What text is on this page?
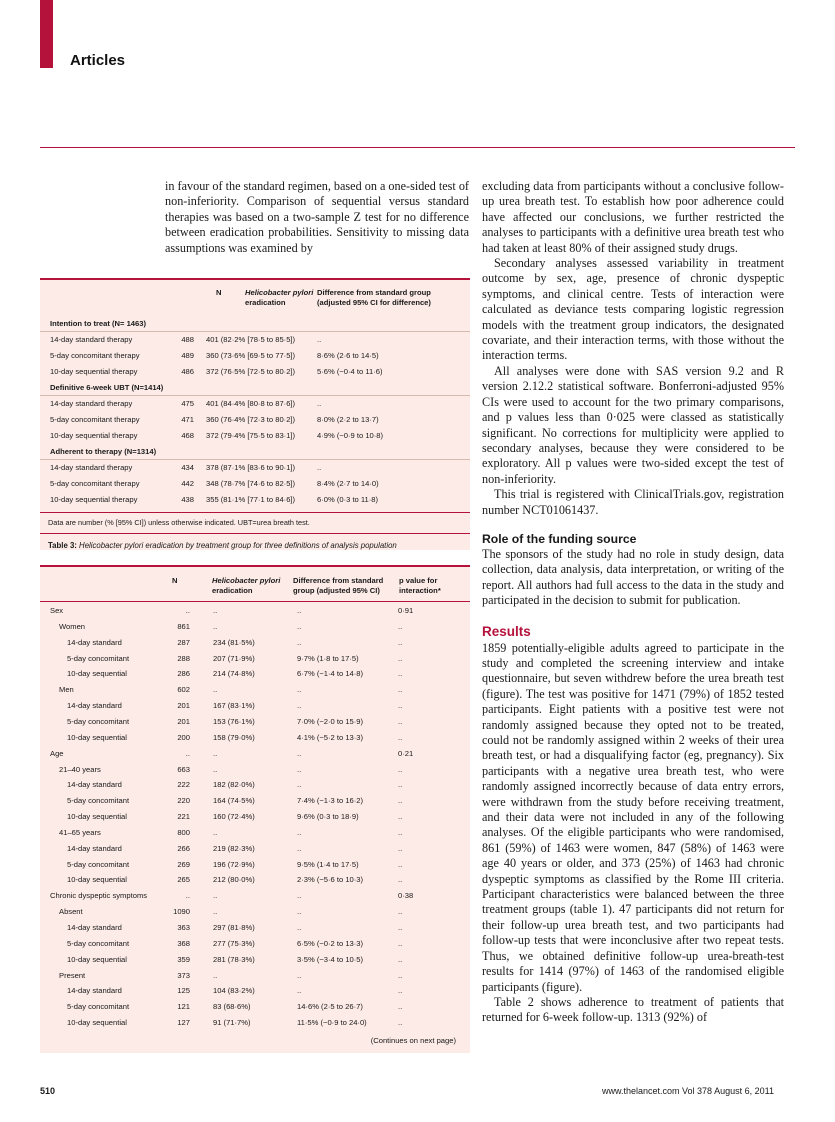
Articles
in favour of the standard regimen, based on a one-sided test of non-inferiority. Comparison of sequential versus standard therapies was based on a two-sample Z test for no difference between eradication probabilities. Sensitivity to missing data assumptions was examined by
N	Helicobacter pylori
eradication
Difference from standard group
(adjusted 95% CI for difference)
Intention to treat (N= 1463)
14-day standard therapy	488 401 (82·2% [78·5 to 85·5])	..
5-day concomitant therapy	489 360 (73·6% [69·5 to 77·5])	8·6% (2·6 to 14·5)
10-day sequential therapy	486 372 (76·5% [72·5 to 80·2])	5·6% (−0·4 to 11·6)
Definitive 6-week UBT (N=1414)
14-day standard therapy	475 401 (84·4% [80·8 to 87·6])	..
5-day concomitant therapy	471 360 (76·4% [72·3 to 80·2])	8·0% (2·2 to 13·7)
10-day sequential therapy	468 372 (79·4% [75·5 to 83·1])	4·9% (−0·9 to 10·8)
Adherent to therapy (N=1314)
14-day standard therapy	434 378 (87·1% [83·6 to 90·1])	..
5-day concomitant therapy	442 348 (78·7% [74·6 to 82·5])	8·4% (2·7 to 14·0)
10-day sequential therapy	438 355 (81·1% [77·1 to 84·6])	6·0% (0·3 to 11·8)
Data are number (% [95% CI]) unless otherwise indicated. UBT=urea breath test.
Table 3: Helicobacter pylori eradication by treatment group for three definitions of analysis population
N	Helicobacter pylori
eradication
Difference from standard
group (adjusted 95% CI)
p value for
interaction*
Sex	..	..	..	0·91
Women	861	..	..	..
14-day standard	287	234 (81·5%)	..	..
5-day concomitant	288	207 (71·9%)	9·7% (1·8 to 17·5)	..
10-day sequential	286	214 (74·8%)	6·7% (−1·4 to 14·8)	..
Men	602	..	..	..
14-day standard	201	167 (83·1%)	..	..
5-day concomitant	201	153 (76·1%)	7·0% (−2·0 to 15·9)	..
10-day sequential	200	158 (79·0%)	4·1% (−5·2 to 13·3)	..
Age	..	..	..	0·21
21–40 years	663	..	..	..
14-day standard	222	182 (82·0%)	..	..
5-day concomitant	220	164 (74·5%)	7·4% (−1·3 to 16·2)	..
10-day sequential	221	160 (72·4%)	9·6% (0·3 to 18·9)	..
41–65 years	800	..	..	..
14-day standard	266	219 (82·3%)	..	..
5-day concomitant	269	196 (72·9%)	9·5% (1·4 to 17·5)	..
10-day sequential	265	212 (80·0%)	2·3% (−5·6 to 10·3)	..
Chronic dyspeptic symptoms	..	..	..	0·38
Absent	1090	..	..	..
14-day standard	363	297 (81·8%)	..	..
5-day concomitant	368	277 (75·3%)	6·5% (−0·2 to 13·3)	..
10-day sequential	359	281 (78·3%)	3·5% (−3·4 to 10·5)	..
Present	373	..	..	..
14-day standard	125	104 (83·2%)	..	..
5-day concomitant	121	83 (68·6%)	14·6% (2·5 to 26·7)	..
10-day sequential	127	91 (71·7%)	11·5% (−0·9 to 24·0)	..
(Continues on next page)

excluding data from participants without a conclusive follow-up urea breath test. To establish how poor adherence could have affected our conclusions, we further restricted the analyses to participants with a definitive urea breath test who had taken at least 80% of their assigned study drugs.

Secondary analyses assessed variability in treatment outcome by sex, age, presence of chronic dyspeptic symptoms, and clinical centre. Tests of interaction were calculated as deviance tests comparing logistic regression models with the treatment group indicators, the designated covariate, and their interaction terms, with those without the interaction terms.

All analyses were done with SAS version 9.2 and R version 2.12.2 statistical software. Bonferroni-adjusted 95% CIs were used to account for the two primary comparisons, and p values less than 0·025 were classed as statistically significant. No corrections for multiplicity were applied to secondary analyses, because they were considered to be exploratory. All p values were two-sided except the test of non-inferiority.

This trial is registered with ClinicalTrials.gov, registration number NCT01061437.

Role of the funding source

The sponsors of the study had no role in study design, data collection, data analysis, data interpretation, or writing of the report. All authors had full access to the data in the study and participated in the decision to submit for publication.

Results

1859 potentially-eligible adults agreed to participate in the study and completed the screening interview and intake questionnaire, but seven withdrew before the urea breath test (figure). The test was positive for 1471 (79%) of 1852 tested participants. Eight patients with a positive test were not randomly assigned because they opted not to be treated, could not be randomly assigned within 2 weeks of their urea breath test, or had a disqualifying factor (eg, pregnancy). Six participants with a negative urea breath test, who were randomly assigned incorrectly because of data entry errors, were withdrawn from the study before receiving treatment, and their data were not included in any of the following analyses. Of the eligible participants who were randomised, 861 (59%) of 1463 were women, 847 (58%) of 1463 were age 40 years or older, and 373 (25%) of 1463 had chronic dyspeptic symptoms as classified by the Rome III criteria. Participant characteristics were balanced between the three treatment groups (table 1). 47 participants did not return for their follow-up urea breath test, and two participants had follow-up tests that were inconclusive after two repeat tests. Thus, we obtained definitive follow-up urea-breath-test results for 1414 (97%) of 1463 of the randomised eligible participants (figure).

Table 2 shows adherence to treatment of patients that returned for 6-week follow-up. 1313 (92%) of

510	www.thelancet.com Vol 378 August 6, 2011
